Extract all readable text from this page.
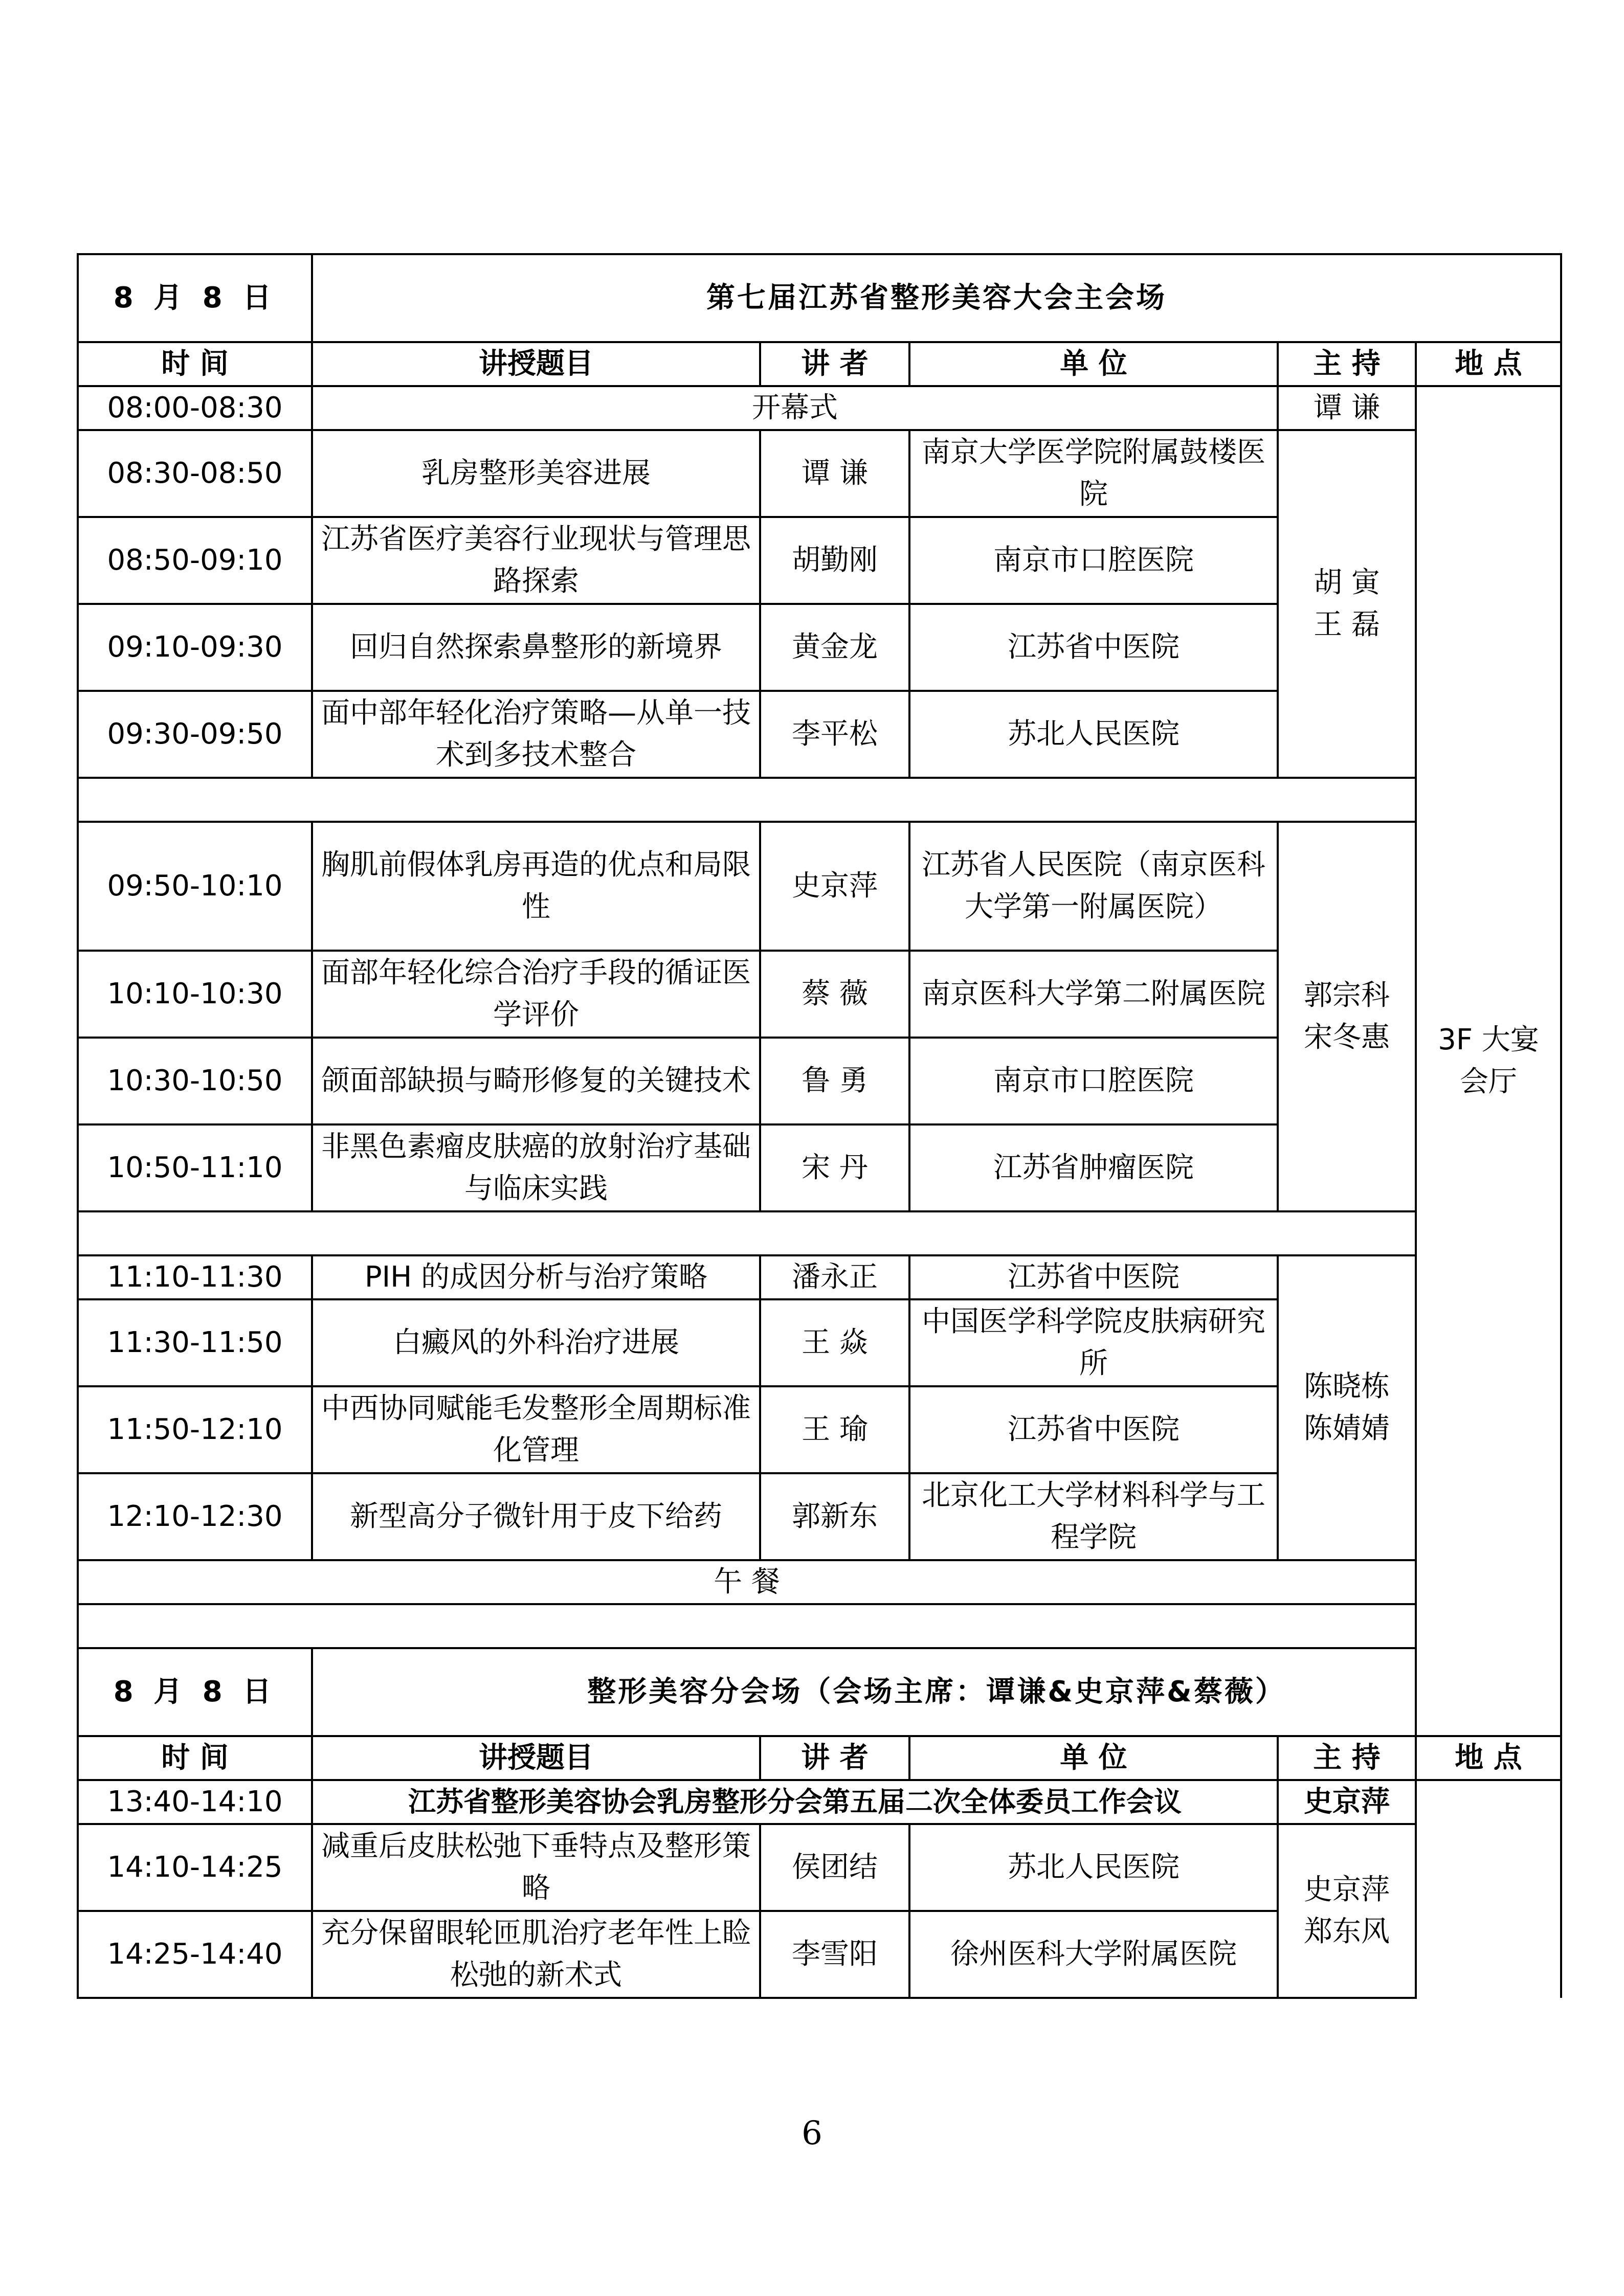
8 月 8 日	第七届江苏省整形美容大会主会场				
时 间	讲授题目	讲 者	单 位	主 持	地 点
08:00-08:30	开幕式			谭 谦	3F 大宴会厅
08:30-08:50	乳房整形美容进展	谭 谦	南京大学医学院附属鼓楼医院	胡 寅
王 磊	

08:50-09:10	江苏省医疗美容行业现状与管理思路探索	胡勤刚	南京市口腔医院		
09:10-09:30	回归自然探索鼻整形的新境界	黄金龙	江苏省中医院		
09:30-09:50	面中部年轻化治疗策略—从单一技术到多技术整合	李平松	苏北人民医院		

09:50-10:10	胸肌前假体乳房再造的优点和局限性	史京萍	江苏省人民医院（南京医科大学第一附属医院）	郭宗科
宋冬惠	

10:10-10:30	面部年轻化综合治疗手段的循证医学评价	蔡 薇	南京医科大学第二附属医院		
10:30-10:50	颌面部缺损与畸形修复的关键技术	鲁 勇	南京市口腔医院		
10:50-11:10	非黑色素瘤皮肤癌的放射治疗基础与临床实践	宋 丹	江苏省肿瘤医院		

11:10-11:30	PIH 的成因分析与治疗策略	潘永正	江苏省中医院	陈晓栋
陈婧婧	

11:30-11:50	白癜风的外科治疗进展	王 焱	中国医学科学院皮肤病研究所		
11:50-12:10	中西协同赋能毛发整形全周期标准化管理	王 瑜	江苏省中医院		
12:10-12:30	新型高分子微针用于皮下给药	郭新东	北京化工大学材料科学与工程学院		
午 餐					

8 月 8 日	整形美容分会场（会场主席：谭谦&史京萍&蔡薇）				
时 间	讲授题目	讲 者	单 位	主 持	地 点
13:40-14:10	江苏省整形美容协会乳房整形分会第五届二次全体委员工作会议			史京萍	
14:10-14:25	减重后皮肤松弛下垂特点及整形策略	侯团结	苏北人民医院	史京萍
郑东风	

14:25-14:40	充分保留眼轮匝肌治疗老年性上睑松弛的新术式	李雪阳	徐州医科大学附属医院		
6
